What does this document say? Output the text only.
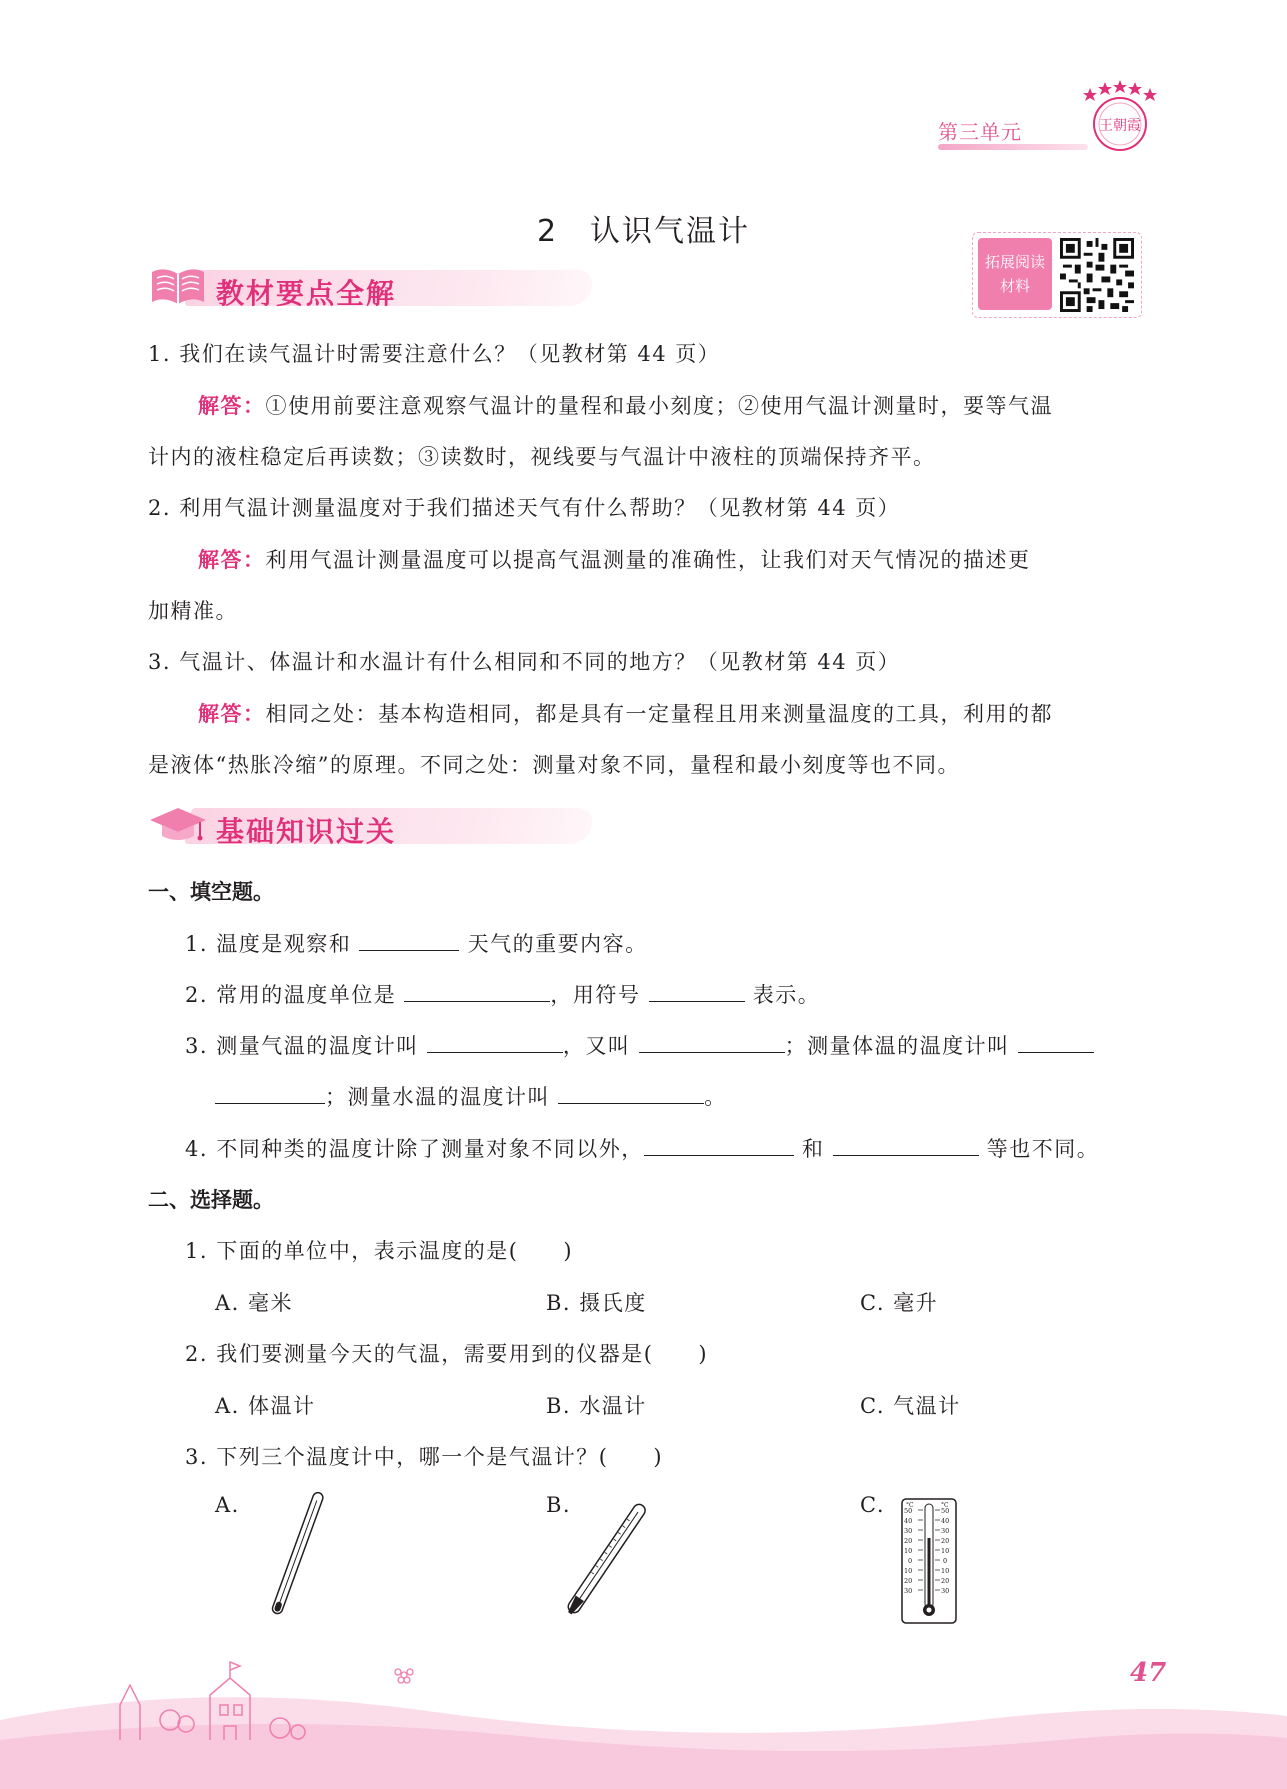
王朝霞
第三单元
2　认识气温计
拓展阅读
材料
教材要点全解
1. 我们在读气温计时需要注意什么？（见教材第 44 页）
解答：①使用前要注意观察气温计的量程和最小刻度；②使用气温计测量时，要等气温
计内的液柱稳定后再读数；③读数时，视线要与气温计中液柱的顶端保持齐平。
2. 利用气温计测量温度对于我们描述天气有什么帮助？（见教材第 44 页）
解答：利用气温计测量温度可以提高气温测量的准确性，让我们对天气情况的描述更
加精准。
3. 气温计、体温计和水温计有什么相同和不同的地方？（见教材第 44 页）
解答：相同之处：基本构造相同，都是具有一定量程且用来测量温度的工具，利用的都
是液体“热胀冷缩”的原理。不同之处：测量对象不同，量程和最小刻度等也不同。
基础知识过关
一、填空题。
1. 温度是观察和	天气的重要内容。
2. 常用的温度单位是	，用符号	表示。
3. 测量气温的温度计叫	，又叫	；测量体温的温度计叫
；测量水温的温度计叫	。
4. 不同种类的温度计除了测量对象不同以外，	和	等也不同。
二、选择题。
1. 下面的单位中，表示温度的是(　　)
A. 毫米	B. 摄氏度	C. 毫升
2. 我们要测量今天的气温，需要用到的仪器是(　　)
A. 体温计	B. 水温计	C. 气温计
3. 下列三个温度计中，哪一个是气温计？(　　)
A.	B.	C.	°C	°C
50
40
30
20
10
0
10
20
30
50
40
30
20
10
0
10
20
30
47
